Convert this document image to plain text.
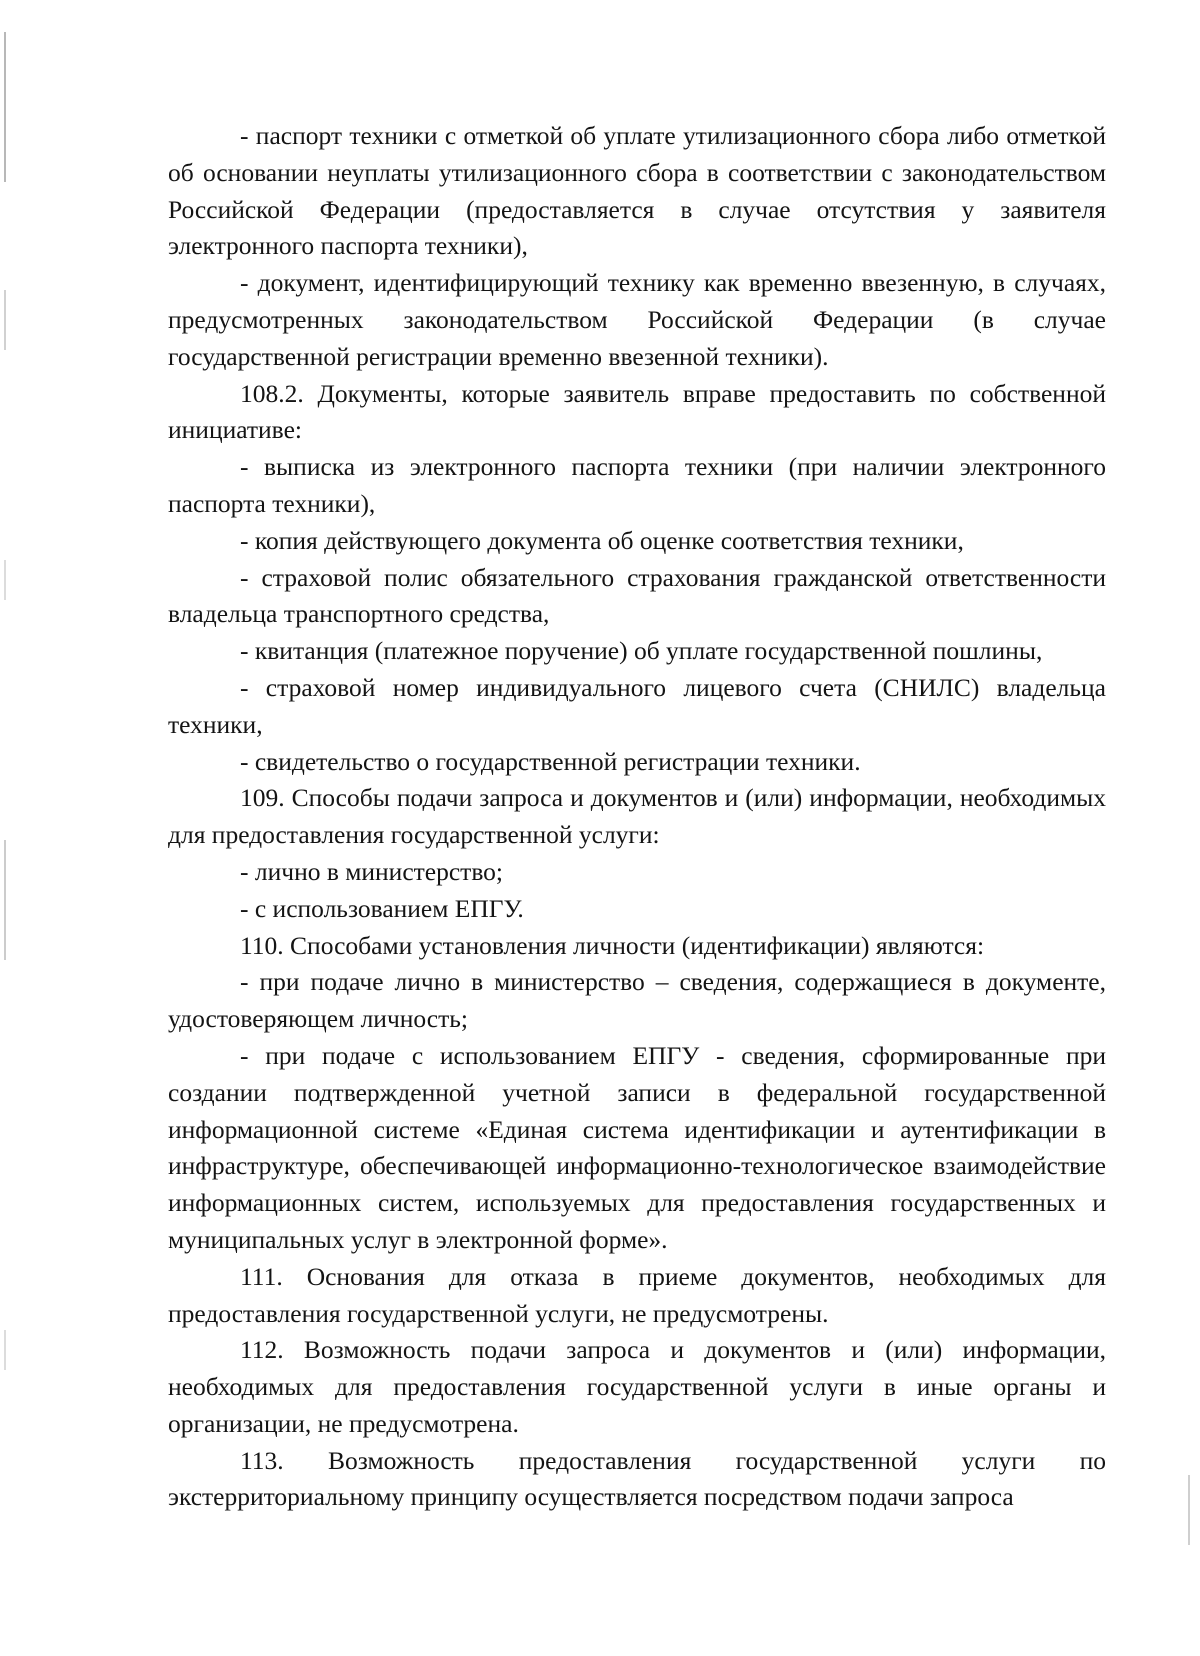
- паспорт техники с отметкой об уплате утилизационного сбора либо отметкой об основании неуплаты утилизационного сбора в соответствии с законодательством Российской Федерации (предоставляется в случае отсутствия у заявителя электронного паспорта техники),

- документ, идентифицирующий технику как временно ввезенную, в случаях, предусмотренных законодательством Российской Федерации (в случае государственной регистрации временно ввезенной техники).

108.2. Документы, которые заявитель вправе предоставить по собственной инициативе:

- выписка из электронного паспорта техники (при наличии электронного паспорта техники),

- копия действующего документа об оценке соответствия техники,

- страховой полис обязательного страхования гражданской ответственности владельца транспортного средства,

- квитанция (платежное поручение) об уплате государственной пошлины,

- страховой номер индивидуального лицевого счета (СНИЛС) владельца техники,

- свидетельство о государственной регистрации техники.

109. Способы подачи запроса и документов и (или) информации, необходимых для предоставления государственной услуги:

- лично в министерство;

- с использованием ЕПГУ.

110. Способами установления личности (идентификации) являются:

- при подаче лично в министерство – сведения, содержащиеся в документе, удостоверяющем личность;

- при подаче с использованием ЕПГУ - сведения, сформированные при создании подтвержденной учетной записи в федеральной государственной информационной системе «Единая система идентификации и аутентификации в инфраструктуре, обеспечивающей информационно-технологическое взаимодействие информационных систем, используемых для предоставления государственных и муниципальных услуг в электронной форме».

111. Основания для отказа в приеме документов, необходимых для предоставления государственной услуги, не предусмотрены.

112. Возможность подачи запроса и документов и (или) информации, необходимых для предоставления государственной услуги в иные органы и организации, не предусмотрена.

113. Возможность предоставления государственной услуги по экстерриториальному принципу осуществляется посредством подачи запроса
